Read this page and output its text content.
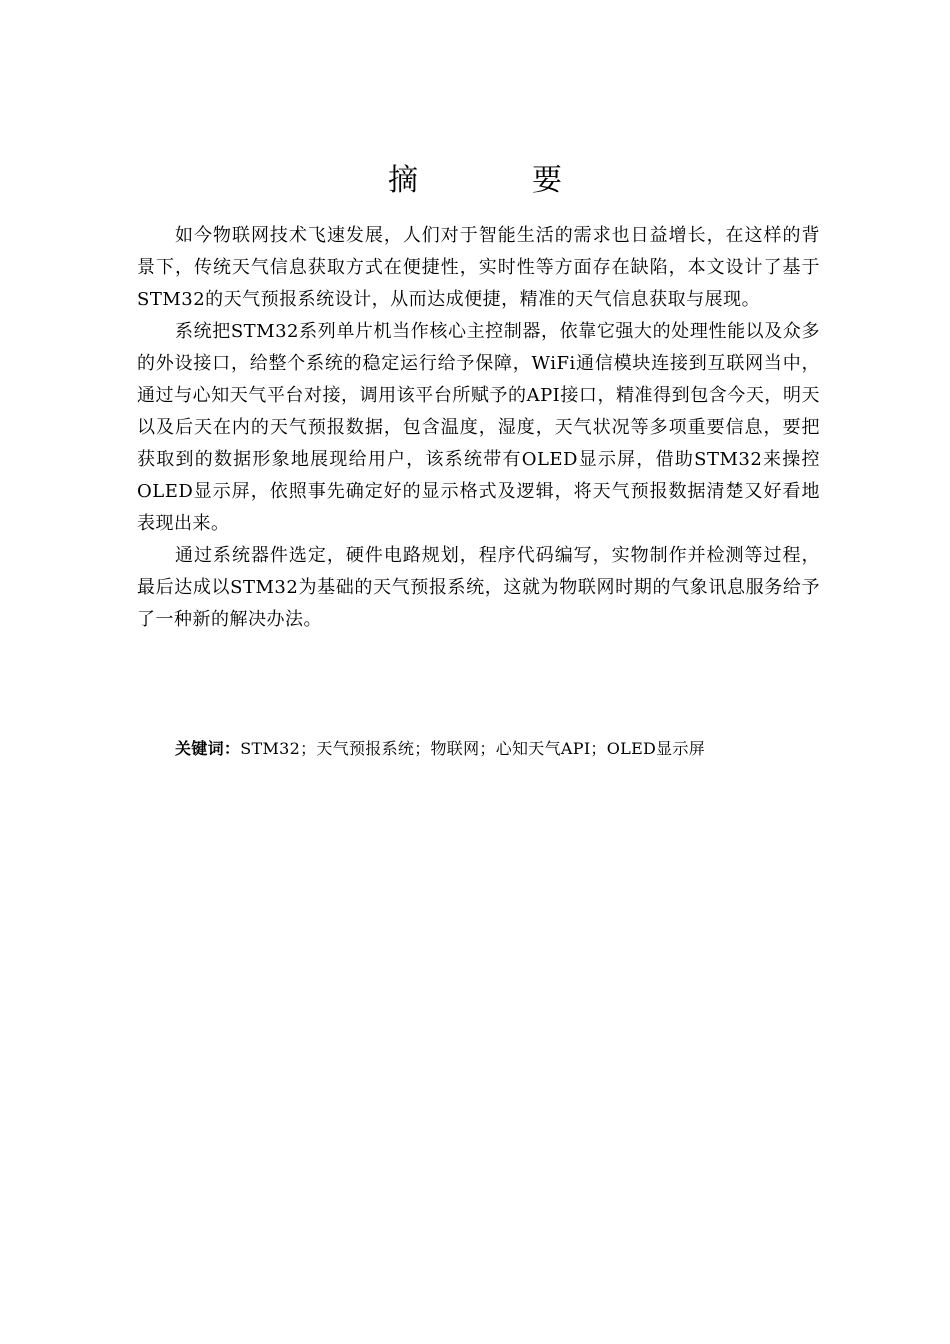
摘　要

如今物联网技术飞速发展，人们对于智能生活的需求也日益增长，在这样的背景下，传统天气信息获取方式在便捷性，实时性等方面存在缺陷，本文设计了基于STM32的天气预报系统设计，从而达成便捷，精准的天气信息获取与展现。

系统把STM32系列单片机当作核心主控制器，依靠它强大的处理性能以及众多的外设接口，给整个系统的稳定运行给予保障，WiFi通信模块连接到互联网当中，通过与心知天气平台对接，调用该平台所赋予的API接口，精准得到包含今天，明天以及后天在内的天气预报数据，包含温度，湿度，天气状况等多项重要信息，要把获取到的数据形象地展现给用户，该系统带有OLED显示屏，借助STM32来操控OLED显示屏，依照事先确定好的显示格式及逻辑，将天气预报数据清楚又好看地表现出来。

通过系统器件选定，硬件电路规划，程序代码编写，实物制作并检测等过程，最后达成以STM32为基础的天气预报系统，这就为物联网时期的气象讯息服务给予了一种新的解决办法。

关键词：STM32；天气预报系统；物联网；心知天气API；OLED显示屏
